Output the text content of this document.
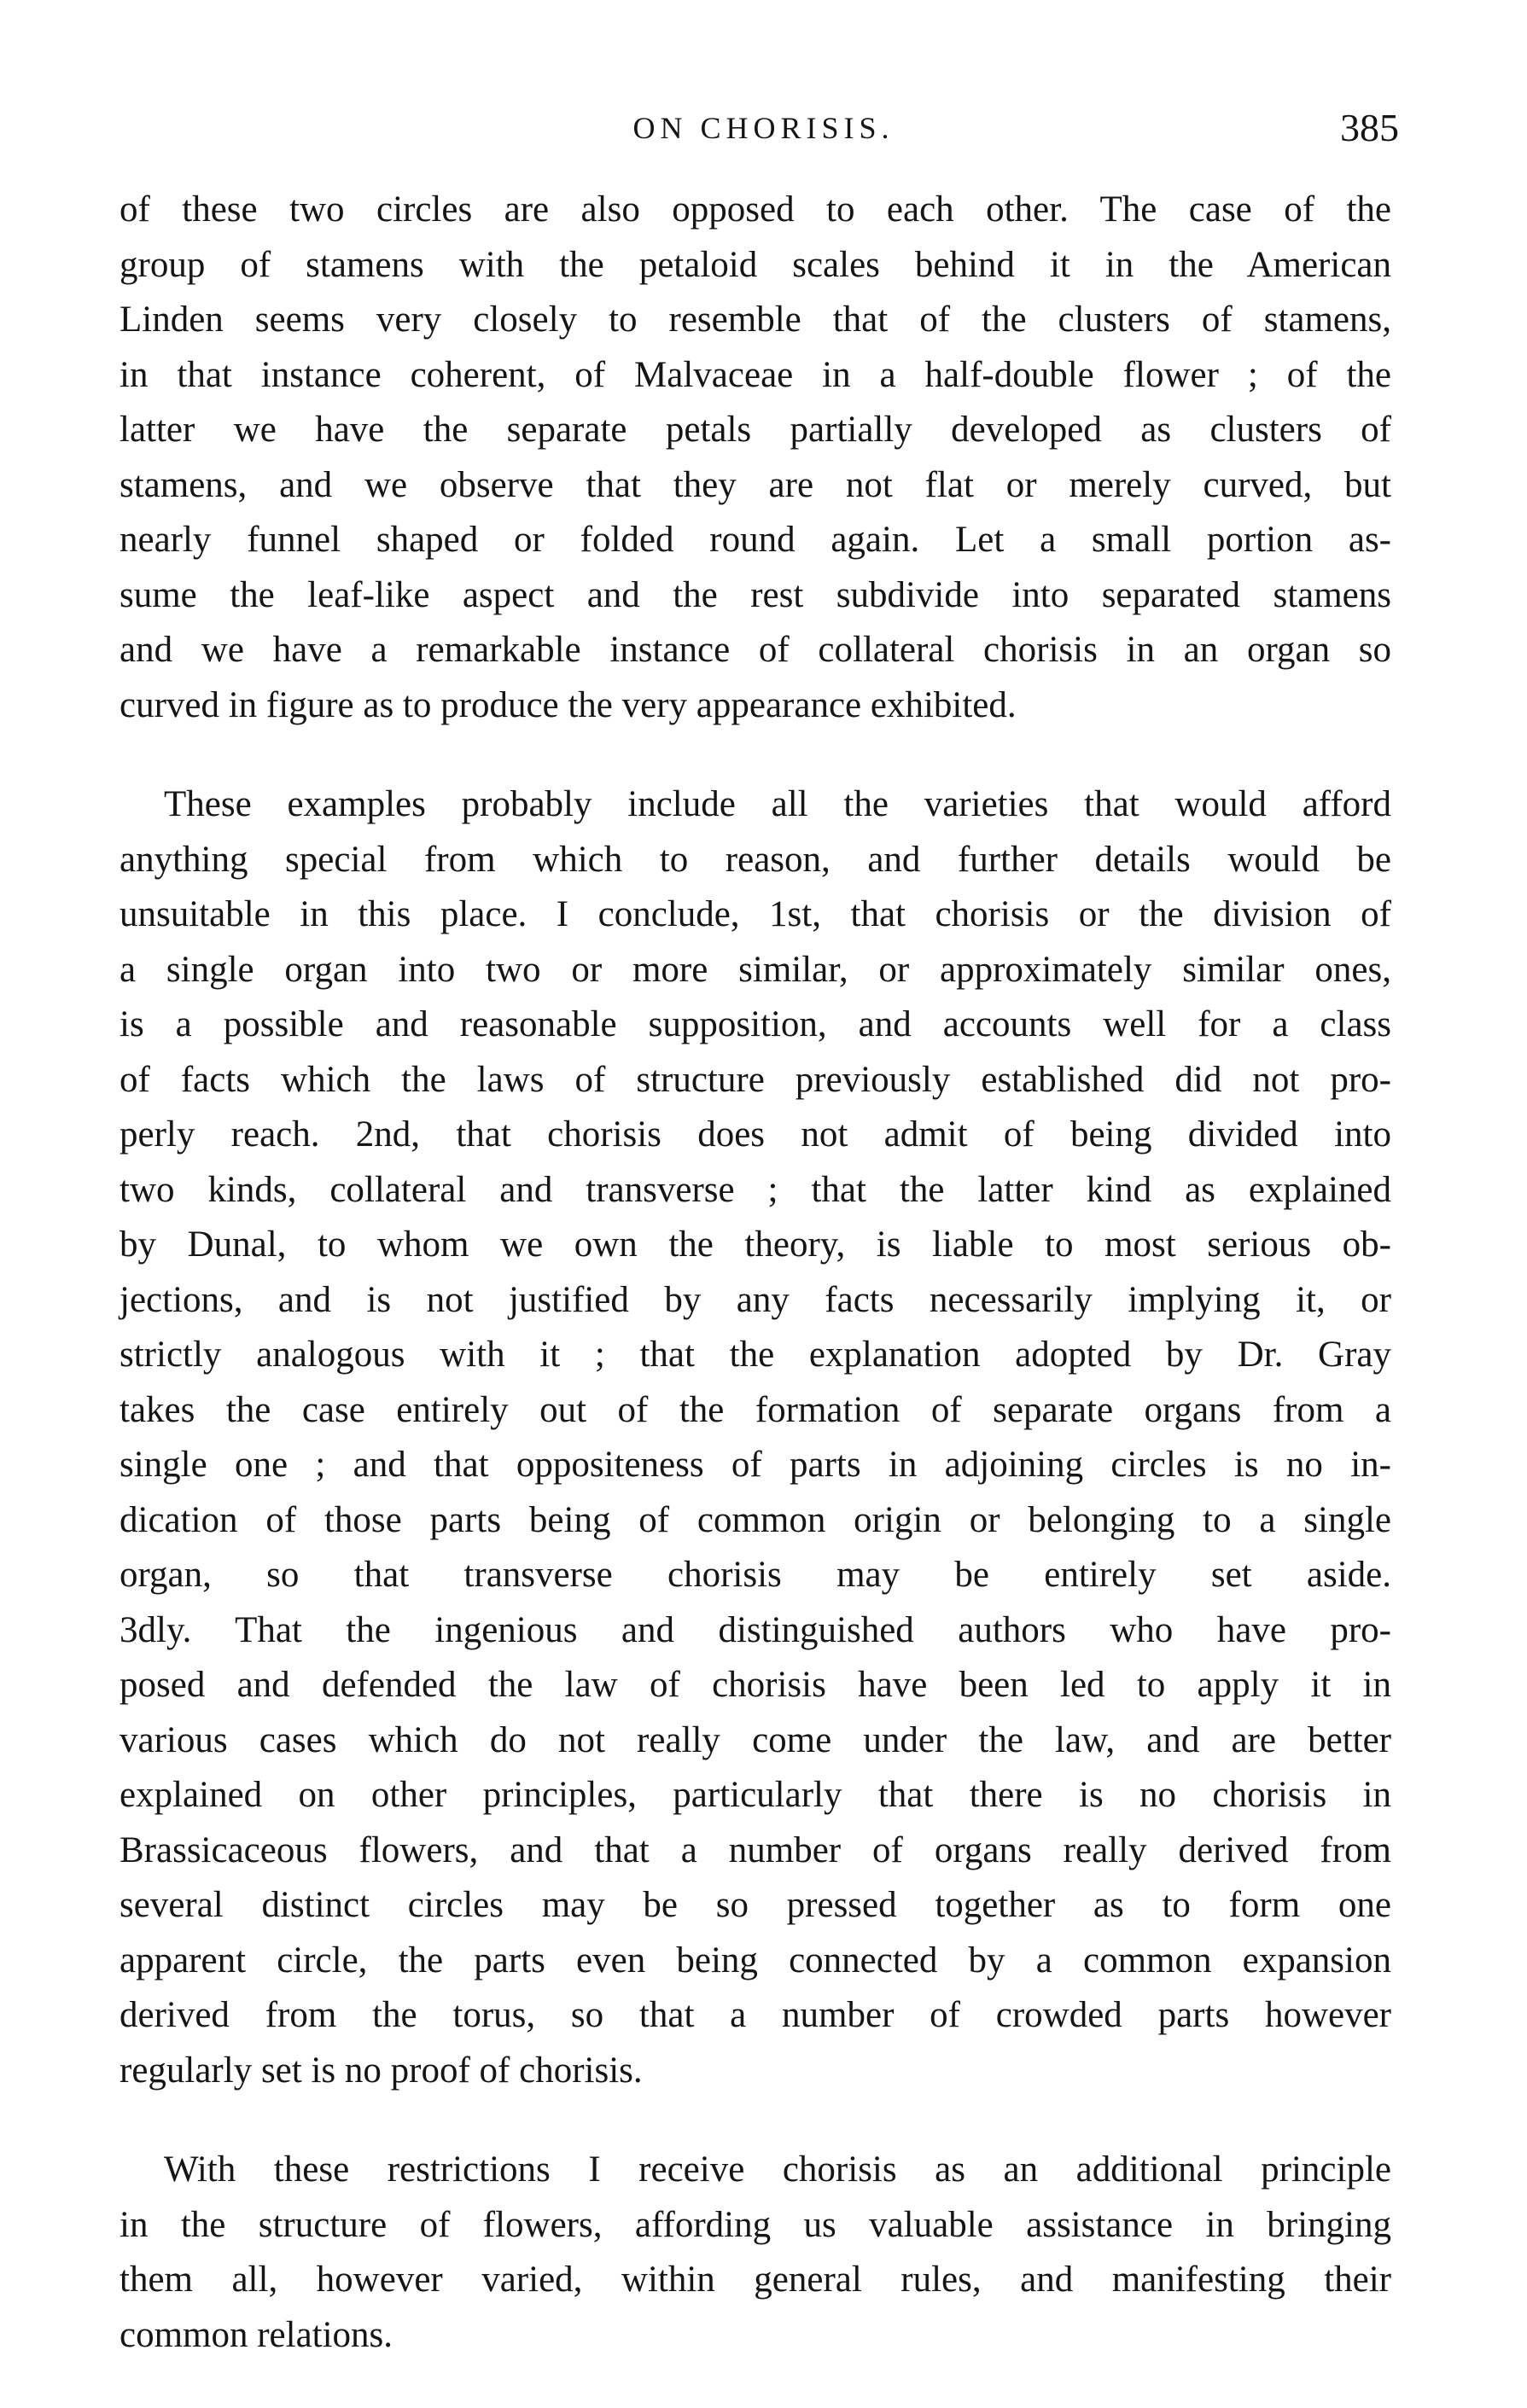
ON CHORISIS.	385
of these two circles are also opposed to each other. The case of the
group of stamens with the petaloid scales behind it in the American
Linden seems very closely to resemble that of the clusters of stamens,
in that instance coherent, of Malvaceae in a half-double flower ; of the
latter we have the separate petals partially developed as clusters of
stamens, and we observe that they are not flat or merely curved, but
nearly funnel shaped or folded round again. Let a small portion as-
sume the leaf-like aspect and the rest subdivide into separated stamens
and we have a remarkable instance of collateral chorisis in an organ so
curved in figure as to produce the very appearance exhibited.
These examples probably include all the varieties that would afford
anything special from which to reason, and further details would be
unsuitable in this place. I conclude, 1st, that chorisis or the division of
a single organ into two or more similar, or approximately similar ones,
is a possible and reasonable supposition, and accounts well for a class
of facts which the laws of structure previously established did not pro-
perly reach. 2nd, that chorisis does not admit of being divided into
two kinds, collateral and transverse ; that the latter kind as explained
by Dunal, to whom we own the theory, is liable to most serious ob-
jections, and is not justified by any facts necessarily implying it, or
strictly analogous with it ; that the explanation adopted by Dr. Gray
takes the case entirely out of the formation of separate organs from a
single one ; and that oppositeness of parts in adjoining circles is no in-
dication of those parts being of common origin or belonging to a single
organ, so that transverse chorisis may be entirely set aside.
3dly. That the ingenious and distinguished authors who have pro-
posed and defended the law of chorisis have been led to apply it in
various cases which do not really come under the law, and are better
explained on other principles, particularly that there is no chorisis in
Brassicaceous flowers, and that a number of organs really derived from
several distinct circles may be so pressed together as to form one
apparent circle, the parts even being connected by a common expansion
derived from the torus, so that a number of crowded parts however
regularly set is no proof of chorisis.
With these restrictions I receive chorisis as an additional principle
in the structure of flowers, affording us valuable assistance in bringing
them all, however varied, within general rules, and manifesting their
common relations.
